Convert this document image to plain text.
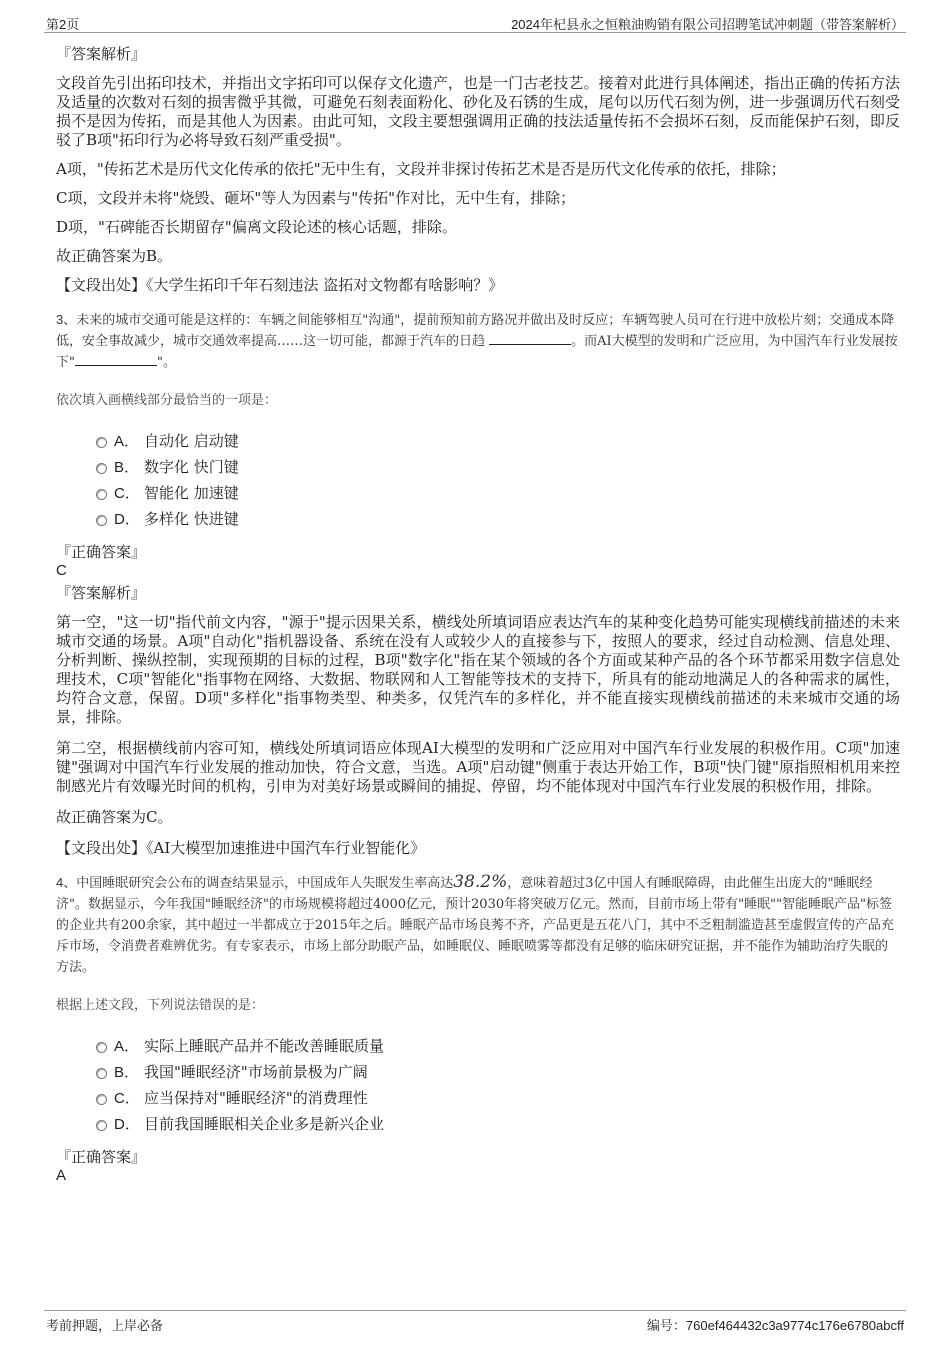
第2页	2024年杞县永之恒粮油购销有限公司招聘笔试冲刺题（带答案解析）
『答案解析』

文段首先引出拓印技术，并指出文字拓印可以保存文化遗产，也是一门古老技艺。接着对此进行具体阐述，指出正确的传拓方法及适量的次数对石刻的损害微乎其微，可避免石刻表面粉化、砂化及石锈的生成，尾句以历代石刻为例，进一步强调历代石刻受损不是因为传拓，而是其他人为因素。由此可知，文段主要想强调用正确的技法适量传拓不会损坏石刻，反而能保护石刻，即反驳了B项"拓印行为必将导致石刻严重受损"。

A项，"传拓艺术是历代文化传承的依托"无中生有，文段并非探讨传拓艺术是否是历代文化传承的依托，排除；

C项，文段并未将"烧毁、砸坏"等人为因素与"传拓"作对比，无中生有，排除；

D项，"石碑能否长期留存"偏离文段论述的核心话题，排除。

故正确答案为B。

【文段出处】《大学生拓印千年石刻违法 盗拓对文物都有啥影响？》

3、未来的城市交通可能是这样的：车辆之间能够相互"沟通"，提前预知前方路况并做出及时反应；车辆驾驶人员可在行进中放松片刻；交通成本降低，安全事故减少，城市交通效率提高……这一切可能，都源于汽车的日趋	。而AI大模型的发明和广泛应用，为中国汽车行业发展按下"	"。
依次填入画横线部分最恰当的一项是：
A． 自动化 启动键
B． 数字化 快门键
C． 智能化 加速键
D． 多样化 快进键
『正确答案』
C
『答案解析』

第一空，"这一切"指代前文内容，"源于"提示因果关系，横线处所填词语应表达汽车的某种变化趋势可能实现横线前描述的未来城市交通的场景。A项"自动化"指机器设备、系统在没有人或较少人的直接参与下，按照人的要求，经过自动检测、信息处理、分析判断、操纵控制，实现预期的目标的过程，B项"数字化"指在某个领域的各个方面或某种产品的各个环节都采用数字信息处理技术，C项"智能化"指事物在网络、大数据、物联网和人工智能等技术的支持下，所具有的能动地满足人的各种需求的属性，均符合文意，保留。D项"多样化"指事物类型、种类多，仅凭汽车的多样化，并不能直接实现横线前描述的未来城市交通的场景，排除。

第二空，根据横线前内容可知，横线处所填词语应体现AI大模型的发明和广泛应用对中国汽车行业发展的积极作用。C项"加速键"强调对中国汽车行业发展的推动加快，符合文意，当选。A项"启动键"侧重于表达开始工作，B项"快门键"原指照相机用来控制感光片有效曝光时间的机构，引申为对美好场景或瞬间的捕捉、停留，均不能体现对中国汽车行业发展的积极作用，排除。

故正确答案为C。

【文段出处】《AI大模型加速推进中国汽车行业智能化》

4、中国睡眠研究会公布的调查结果显示，中国成年人失眠发生率高达38.2%，意味着超过3亿中国人有睡眠障碍，由此催生出庞大的"睡眠经济"。数据显示，今年我国"睡眠经济"的市场规模将超过4000亿元，预计2030年将突破万亿元。然而，目前市场上带有"睡眠""智能睡眠产品"标签的企业共有200余家，其中超过一半都成立于2015年之后。睡眠产品市场良莠不齐，产品更是五花八门，其中不乏粗制滥造甚至虚假宣传的产品充斥市场，令消费者难辨优劣。有专家表示，市场上部分助眠产品，如睡眠仪、睡眠喷雾等都没有足够的临床研究证据，并不能作为辅助治疗失眠的方法。
根据上述文段，下列说法错误的是：
A． 实际上睡眠产品并不能改善睡眠质量
B． 我国"睡眠经济"市场前景极为广阔
C． 应当保持对"睡眠经济"的消费理性
D． 目前我国睡眠相关企业多是新兴企业
『正确答案』
A
考前押题，上岸必备	编号：760ef464432c3a9774c176e6780abcff
